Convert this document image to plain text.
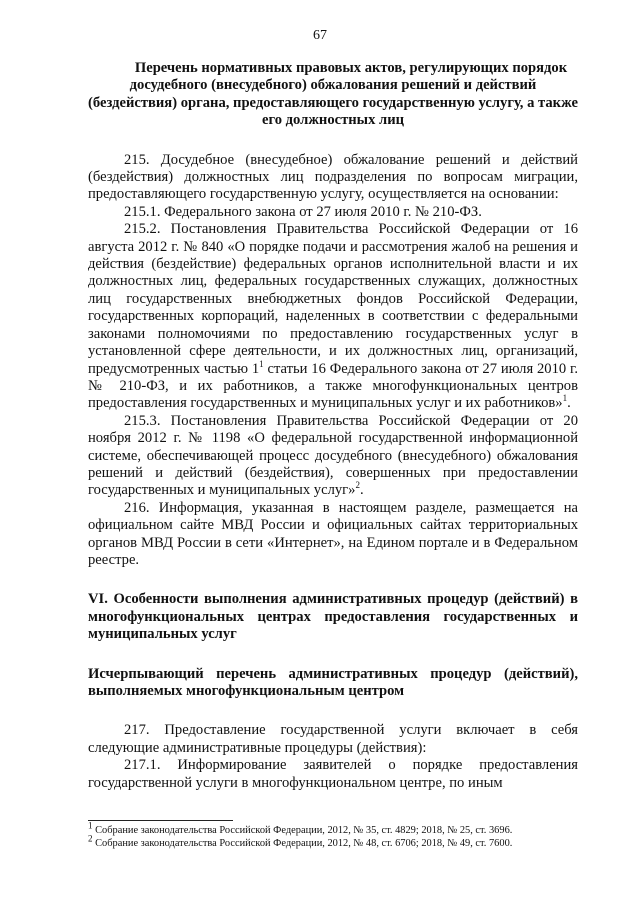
67

Перечень нормативных правовых актов, регулирующих порядок досудебного (внесудебного) обжалования решений и действий (бездействия) органа, предоставляющего государственную услугу, а также его должностных лиц

215. Досудебное (внесудебное) обжалование решений и действий (бездействия) должностных лиц подразделения по вопросам миграции, предоставляющего государственную услугу, осуществляется на основании:

215.1. Федерального закона от 27 июля 2010 г. № 210-ФЗ.

215.2. Постановления Правительства Российской Федерации от 16 августа 2012 г. № 840 «О порядке подачи и рассмотрения жалоб на решения и действия (бездействие) федеральных органов исполнительной власти и их должностных лиц, федеральных государственных служащих, должностных лиц государственных внебюджетных фондов Российской Федерации, государственных корпораций, наделенных в соответствии с федеральными законами полномочиями по предоставлению государственных услуг в установленной сфере деятельности, и их должностных лиц, организаций, предусмотренных частью $1^1$ статьи 16 Федерального закона от 27 июля 2010 г. № 210-ФЗ, и их работников, а также многофункциональных центров предоставления государственных и муниципальных услуг и их работников»$^1$.

215.3. Постановления Правительства Российской Федерации от 20 ноября 2012 г. № 1198 «О федеральной государственной информационной системе, обеспечивающей процесс досудебного (внесудебного) обжалования решений и действий (бездействия), совершенных при предоставлении государственных и муниципальных услуг»$^2$.

216. Информация, указанная в настоящем разделе, размещается на официальном сайте МВД России и официальных сайтах территориальных органов МВД России в сети «Интернет», на Едином портале и в Федеральном реестре.

VI. Особенности выполнения административных процедур (действий) в многофункциональных центрах предоставления государственных и муниципальных услуг

Исчерпывающий перечень административных процедур (действий), выполняемых многофункциональным центром

217. Предоставление государственной услуги включает в себя следующие административные процедуры (действия):

217.1. Информирование заявителей о порядке предоставления государственной услуги в многофункциональном центре, по иным

$^1$ Собрание законодательства Российской Федерации, 2012, № 35, ст. 4829; 2018, № 25, ст. 3696.

$^2$ Собрание законодательства Российской Федерации, 2012, № 48, ст. 6706; 2018, № 49, ст. 7600.
